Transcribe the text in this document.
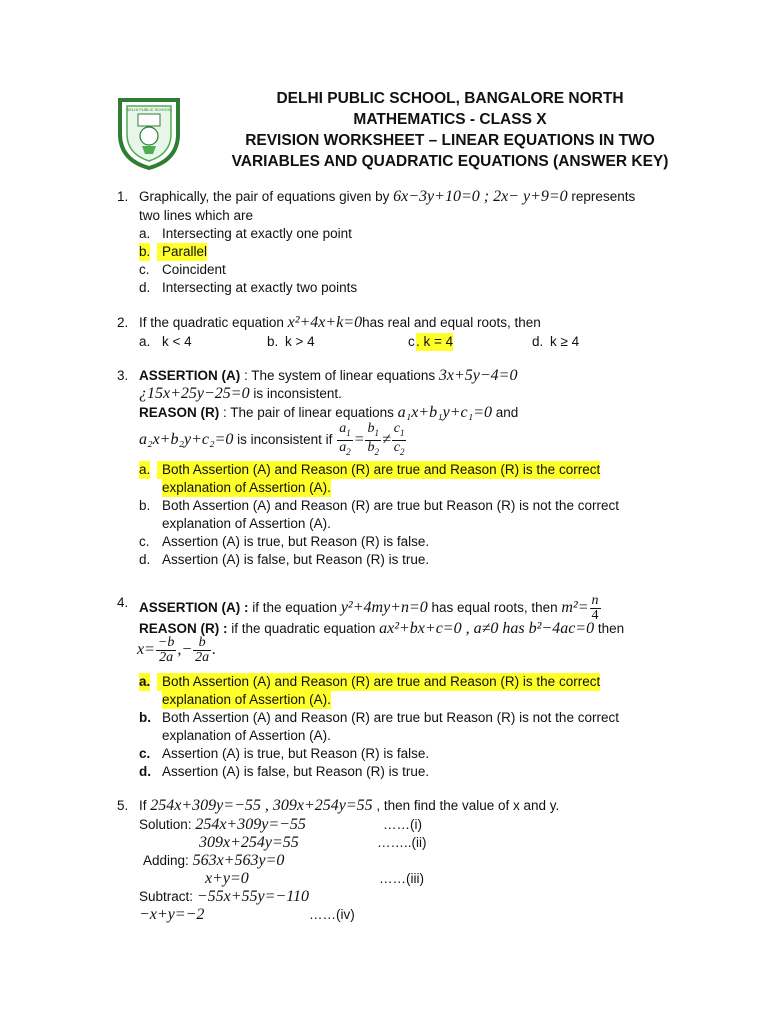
DELHI PUBLIC SCHOOL
DELHI PUBLIC SCHOOL, BANGALORE NORTH
MATHEMATICS - CLASS X
REVISION WORKSHEET – LINEAR EQUATIONS IN TWO
VARIABLES AND QUADRATIC EQUATIONS (ANSWER KEY)
1. Graphically, the pair of equations given by 6x−3y+10=0 ; 2x− y+9=0 represents
two lines which are
a. Intersecting at exactly one point
b. Parallel
c. Coincident
d. Intersecting at exactly two points
2. If the quadratic equation x²+4x+k=0has real and equal roots, then
a. k < 4	b. k > 4	c . k = 4	d. k ≥ 4
3. ASSERTION (A) : The system of linear equations 3x+5y−4=0
¿15x+25y−25=0 is inconsistent.
REASON (R) : The pair of linear equations a₁x+b₁y+c₁=0 and
a₂x+b₂y+c₂=0 is inconsistent if $\frac{a_1}{a_2} = \frac{b_1}{b_2} \ne \frac{c_1}{c_2}$
a. Both Assertion (A) and Reason (R) are true and Reason (R) is the correct
explanation of Assertion (A).
b. Both Assertion (A) and Reason (R) are true but Reason (R) is not the correct
explanation of Assertion (A).
c. Assertion (A) is true, but Reason (R) is false.
d. Assertion (A) is false, but Reason (R) is true.
4. ASSERTION (A) : if the equation y²+4my+n=0 has equal roots, then $m^2= \frac{n}{4}$
REASON (R) : if the quadratic equation ax²+bx+c=0 , a≠0 has b²−4ac=0 then
$x= \frac{-b}{2a}$ ,− $\frac{b}{2a}$ .
a. Both Assertion (A) and Reason (R) are true and Reason (R) is the correct
explanation of Assertion (A).
b. Both Assertion (A) and Reason (R) are true but Reason (R) is not the correct
explanation of Assertion (A).
c. Assertion (A) is true, but Reason (R) is false.
d. Assertion (A) is false, but Reason (R) is true.
5. If 254x+309y=−55 , 309x+254y=55 , then find the value of x and y.
Solution: 254x+309y=−55	……(i)
309x+254y=55	……..(ii)
Adding: 563x+563y=0
x+y=0	……(iii)
Subtract: −55x+55y=−110
−x+y=−2	……(iv)
